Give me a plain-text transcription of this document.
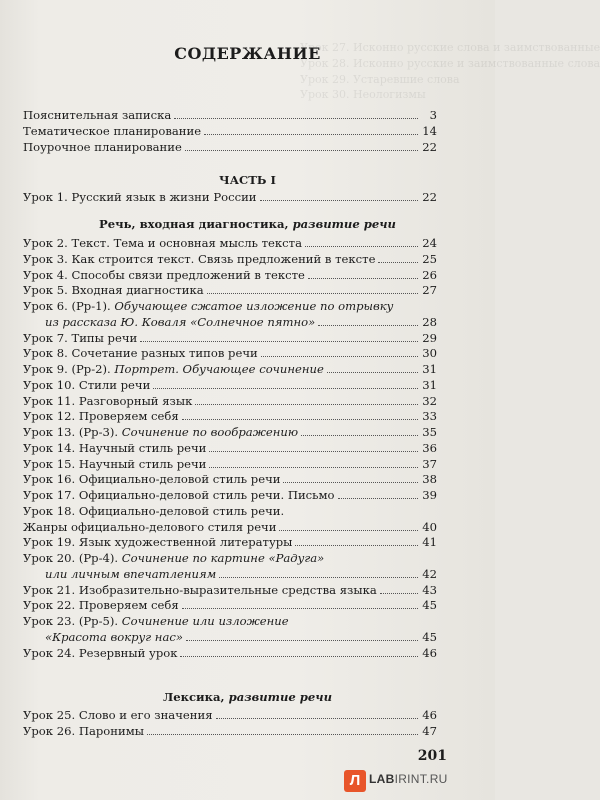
Урок 27. Исконно русские слова и заимствованные
Урок 28. Исконно русские и заимствованные слова
Урок 29. Устаревшие слова
Урок 30. Неологизмы
СОДЕРЖАНИЕ
Пояснительная записка	3
Тематическое планирование	14
Поурочное планирование	22
ЧАСТЬ I
Урок 1. Русский язык в жизни России	22
Речь, входная диагностика, развитие речи
Урок 2. Текст. Тема и основная мысль текста	24
Урок 3. Как строится текст. Связь предложений в тексте	25
Урок 4. Способы связи предложений в тексте	26
Урок 5. Входная диагностика	27
Урок 6. (Рр-1). Обучающее сжатое изложение по отрывку
из рассказа Ю. Коваля «Солнечное пятно»	28
Урок 7. Типы речи	29
Урок 8. Сочетание разных типов речи	30
Урок 9. (Рр-2). Портрет. Обучающее сочинение	31
Урок 10. Стили речи	31
Урок 11. Разговорный язык	32
Урок 12. Проверяем себя	33
Урок 13. (Рр-3). Сочинение по воображению	35
Урок 14. Научный стиль речи	36
Урок 15. Научный стиль речи	37
Урок 16. Официально-деловой стиль речи	38
Урок 17. Официально-деловой стиль речи. Письмо	39
Урок 18. Официально-деловой стиль речи.
Жанры официально-делового стиля речи	40
Урок 19. Язык художественной литературы	41
Урок 20. (Рр-4). Сочинение по картине «Радуга»
или личным впечатлениям	42
Урок 21. Изобразительно-выразительные средства языка	43
Урок 22. Проверяем себя	45
Урок 23. (Рр-5). Сочинение или изложение
«Красота вокруг нас»	45
Урок 24. Резервный урок	46
Лексика, развитие речи
Урок 25. Слово и его значения	46
Урок 26. Паронимы	47
201
Л LABIRINT.RU
